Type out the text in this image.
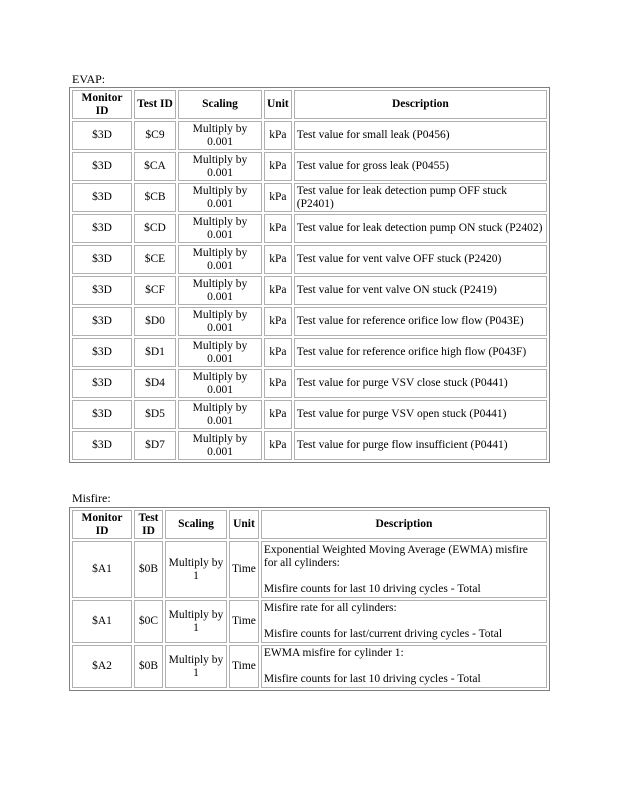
EVAP:
Monitor ID	Test ID	Scaling	Unit	Description
$3D	$C9	Multiply by 0.001	kPa	Test value for small leak (P0456)
$3D	$CA	Multiply by 0.001	kPa	Test value for gross leak (P0455)
$3D	$CB	Multiply by 0.001	kPa	Test value for leak detection pump OFF stuck (P2401)
$3D	$CD	Multiply by 0.001	kPa	Test value for leak detection pump ON stuck (P2402)
$3D	$CE	Multiply by 0.001	kPa	Test value for vent valve OFF stuck (P2420)
$3D	$CF	Multiply by 0.001	kPa	Test value for vent valve ON stuck (P2419)
$3D	$D0	Multiply by 0.001	kPa	Test value for reference orifice low flow (P043E)
$3D	$D1	Multiply by 0.001	kPa	Test value for reference orifice high flow (P043F)
$3D	$D4	Multiply by 0.001	kPa	Test value for purge VSV close stuck (P0441)
$3D	$D5	Multiply by 0.001	kPa	Test value for purge VSV open stuck (P0441)
$3D	$D7	Multiply by 0.001	kPa	Test value for purge flow insufficient (P0441)
Misfire:
Monitor ID	Test ID	Scaling	Unit	Description
$A1	$0B	Multiply by 1	Time	Exponential Weighted Moving Average (EWMA) misfire for all cylinders:
Misfire counts for last 10 driving cycles - Total

$A1	$0C	Multiply by 1	Time	Misfire rate for all cylinders:
Misfire counts for last/current driving cycles - Total

$A2	$0B	Multiply by 1	Time	EWMA misfire for cylinder 1:
Misfire counts for last 10 driving cycles - Total
